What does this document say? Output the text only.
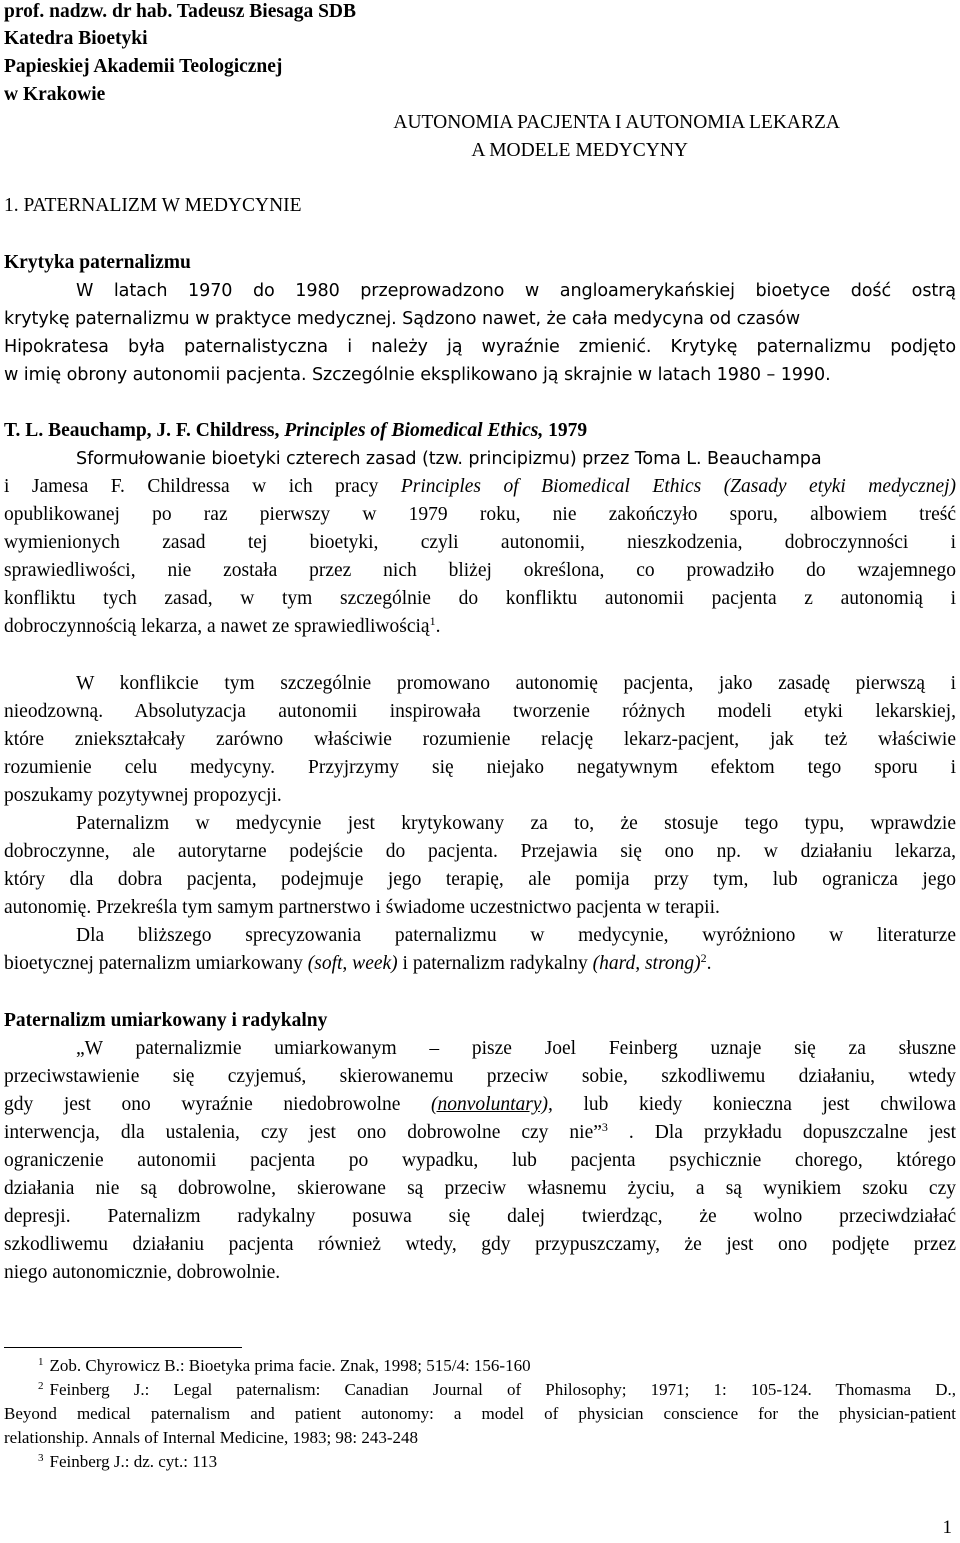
prof. nadzw. dr hab. Tadeusz Biesaga SDB
Katedra Bioetyki
Papieskiej Akademii Teologicznej
w Krakowie
AUTONOMIA PACJENTA I AUTONOMIA LEKARZA
A MODELE MEDYCYNY
1. PATERNALIZM W MEDYCYNIE
Krytyka paternalizmu
W latach 1970 do 1980 przeprowadzono w angloamerykańskiej bioetyce dość ostrą
krytykę paternalizmu w praktyce medycznej. Sądzono nawet, że cała medycyna od czasów
Hipokratesa była paternalistyczna i należy ją wyraźnie zmienić. Krytykę paternalizmu podjęto
w imię obrony autonomii pacjenta. Szczególnie eksplikowano ją skrajnie w latach 1980 – 1990.
T. L. Beauchamp, J. F. Childress, Principles of Biomedical Ethics, 1979
Sformułowanie bioetyki czterech zasad (tzw. principizmu) przez Toma L. Beauchampa
i Jamesa F. Childressa w ich pracy Principles of Biomedical Ethics (Zasady etyki medycznej)
opublikowanej po raz pierwszy w 1979 roku, nie zakończyło sporu, albowiem treść
wymienionych zasad tej bioetyki, czyli autonomii, nieszkodzenia, dobroczynności i
sprawiedliwości, nie została przez nich bliżej określona, co prowadziło do wzajemnego
konfliktu tych zasad, w tym szczególnie do konfliktu autonomii pacjenta z autonomią i
dobroczynnością lekarza, a nawet ze sprawiedliwością$^1$.
W konflikcie tym szczególnie promowano autonomię pacjenta, jako zasadę pierwszą i
nieodzowną. Absolutyzacja autonomii inspirowała tworzenie różnych modeli etyki lekarskiej,
które zniekształcały zarówno właściwie rozumienie relację lekarz-pacjent, jak też właściwie
rozumienie celu medycyny. Przyjrzymy się niejako negatywnym efektom tego sporu i
poszukamy pozytywnej propozycji.
Paternalizm w medycynie jest krytykowany za to, że stosuje tego typu, wprawdzie
dobroczynne, ale autorytarne podejście do pacjenta. Przejawia się ono np. w działaniu lekarza,
który dla dobra pacjenta, podejmuje jego terapię, ale pomija przy tym, lub ogranicza jego
autonomię. Przekreśla tym samym partnerstwo i świadome uczestnictwo pacjenta w terapii.
Dla bliższego sprecyzowania paternalizmu w medycynie, wyróżniono w literaturze
bioetycznej paternalizm umiarkowany (soft, week) i paternalizm radykalny (hard, strong)$^2$.
Paternalizm umiarkowany i radykalny
„W paternalizmie umiarkowanym – pisze Joel Feinberg uznaje się za słuszne
przeciwstawienie się czyjemuś, skierowanemu przeciw sobie, szkodliwemu działaniu, wtedy
gdy jest ono wyraźnie niedobrowolne (nonvoluntary), lub kiedy konieczna jest chwilowa
interwencja, dla ustalenia, czy jest ono dobrowolne czy nie”$^3$ . Dla przykładu dopuszczalne jest
ograniczenie autonomii pacjenta po wypadku, lub pacjenta psychicznie chorego, którego
działania nie są dobrowolne, skierowane są przeciw własnemu życiu, a są wynikiem szoku czy
depresji. Paternalizm radykalny posuwa się dalej twierdząc, że wolno przeciwdziałać
szkodliwemu działaniu pacjenta również wtedy, gdy przypuszczamy, że jest ono podjęte przez
niego autonomicznie, dobrowolnie.
$^1$ Zob. Chyrowicz B.: Bioetyka prima facie. Znak, 1998; 515/4: 156-160
$^2$ Feinberg J.: Legal paternalism: Canadian Journal of Philosophy; 1971; 1: 105-124. Thomasma D.,
Beyond medical paternalism and patient autonomy: a model of physician conscience for the physician-patient
relationship. Annals of Internal Medicine, 1983; 98: 243-248
$^3$ Feinberg J.: dz. cyt.: 113
1
